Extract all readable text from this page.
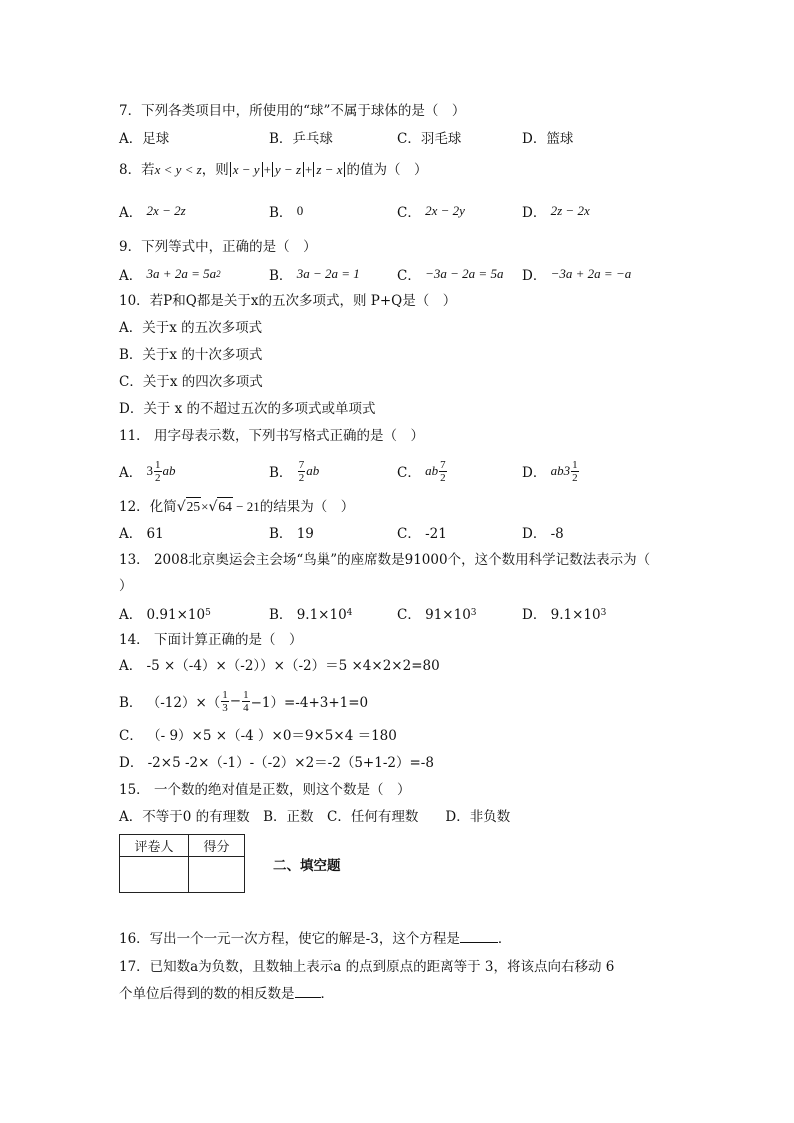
7．下列各类项目中，所使用的“球”不属于球体的是（　）
A．足球	B．乒乓球	C．羽毛球	D．篮球
8．若x < y < z，则 x − y + y − z + z − x 的值为（　）
A．
2x − 2z	B．
0	C．
2x − 2y	D．
2z − 2x
9．下列等式中，正确的是（　）
A．
3a + 2a = 5a 2	B．
3a − 2a = 1	C．
−3a − 2a = 5a D．
−3a + 2a = −a
10．若P和Q都是关于x的五次多项式，则 P+Q是（　）
A．关于x 的五次多项式
B．关于x 的十次多项式
C．关于x 的四次多项式
D．关于 x 的不超过五次的多项式或单项式
11． 用字母表示数，下列书写格式正确的是（　）
A．
$3 \frac{1}{2}$ ab	B．
$\frac{7}{2}$ ab	C．
ab $\frac{7}{2}$	D．
$ab3 \frac{1}{2}$
12．化简 √ 25 × √ 64 − 21的结果为（　）
A． 61	B． 19	C． -21	D． -8
13． 2008北京奥运会主会场“鸟巢”的座席数是91000个，这个数用科学记数法表示为（
）
A． 0.91×10 5	B． 9.1×10 4	C． 91×10 3	D． 9.1×10 3
14． 下面计算正确的是（　）
A． -5 ×（-4）×（-2））×（-2）＝5 ×4×2×2=80
B． $(-12)\times( \frac{1}{3} - \frac{1}{4} -1)=-4+3+1=0$
C． （- 9）×5 ×（-4 ）×0＝9×5×4 ＝180
D． -2×5 -2×（-1）-（-2）×2＝-2（5+1-2）=-8
15． 一个数的绝对值是正数，则这个数是（　）
A．不等于0 的有理数　B．正数　C．任何有理数　　D．非负数
评卷人	得分

二、填空题
16．写出一个一元一次方程，使它的解是-3，这个方程是	．
17．已知数a为负数，且数轴上表示a 的点到原点的距离等于 3，将该点向右移动 6
个单位后得到的数的相反数是 ．
